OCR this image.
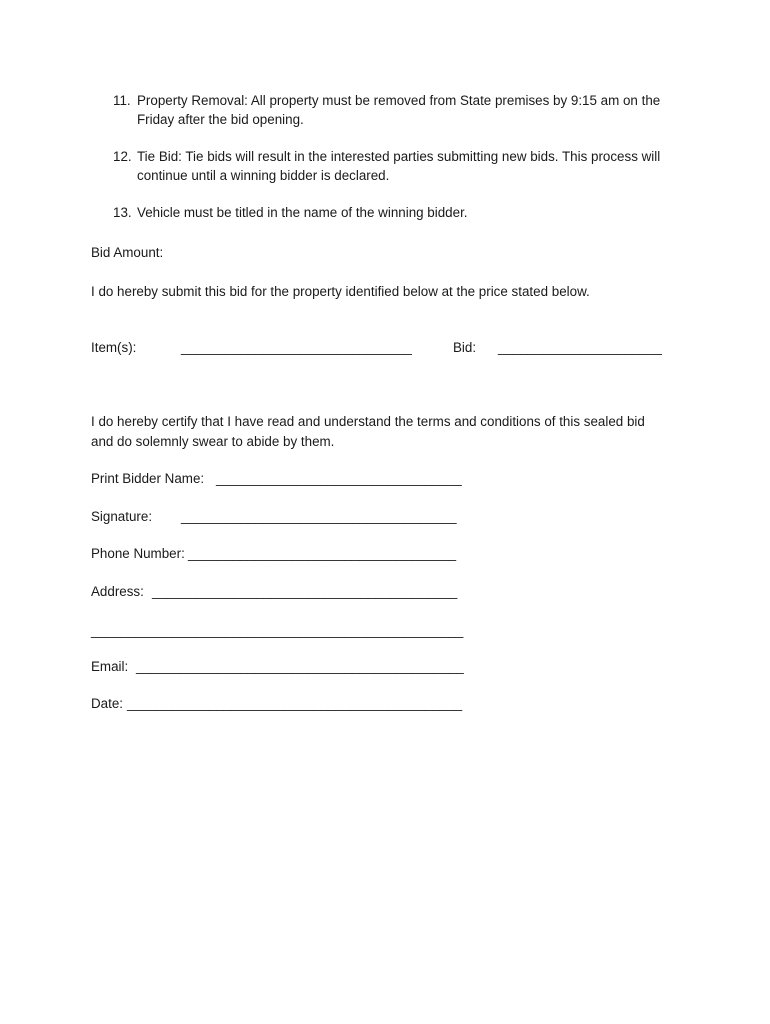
11. Property Removal: All property must be removed from State premises by 9:15 am on the Friday after the bid opening.
12. Tie Bid: Tie bids will result in the interested parties submitting new bids. This process will continue until a winning bidder is declared.
13. Vehicle must be titled in the name of the winning bidder.
Bid Amount:
I do hereby submit this bid for the property identified below at the price stated below.
Item(s):	_______________________________	Bid: ______________________
I do hereby certify that I have read and understand the terms and conditions of this sealed bid
and do solemnly swear to abide by them.
Print Bidder Name: _________________________________
Signature: _____________________________________
Phone Number: ____________________________________
Address: _________________________________________
__________________________________________________
Email: ____________________________________________
Date: _____________________________________________
